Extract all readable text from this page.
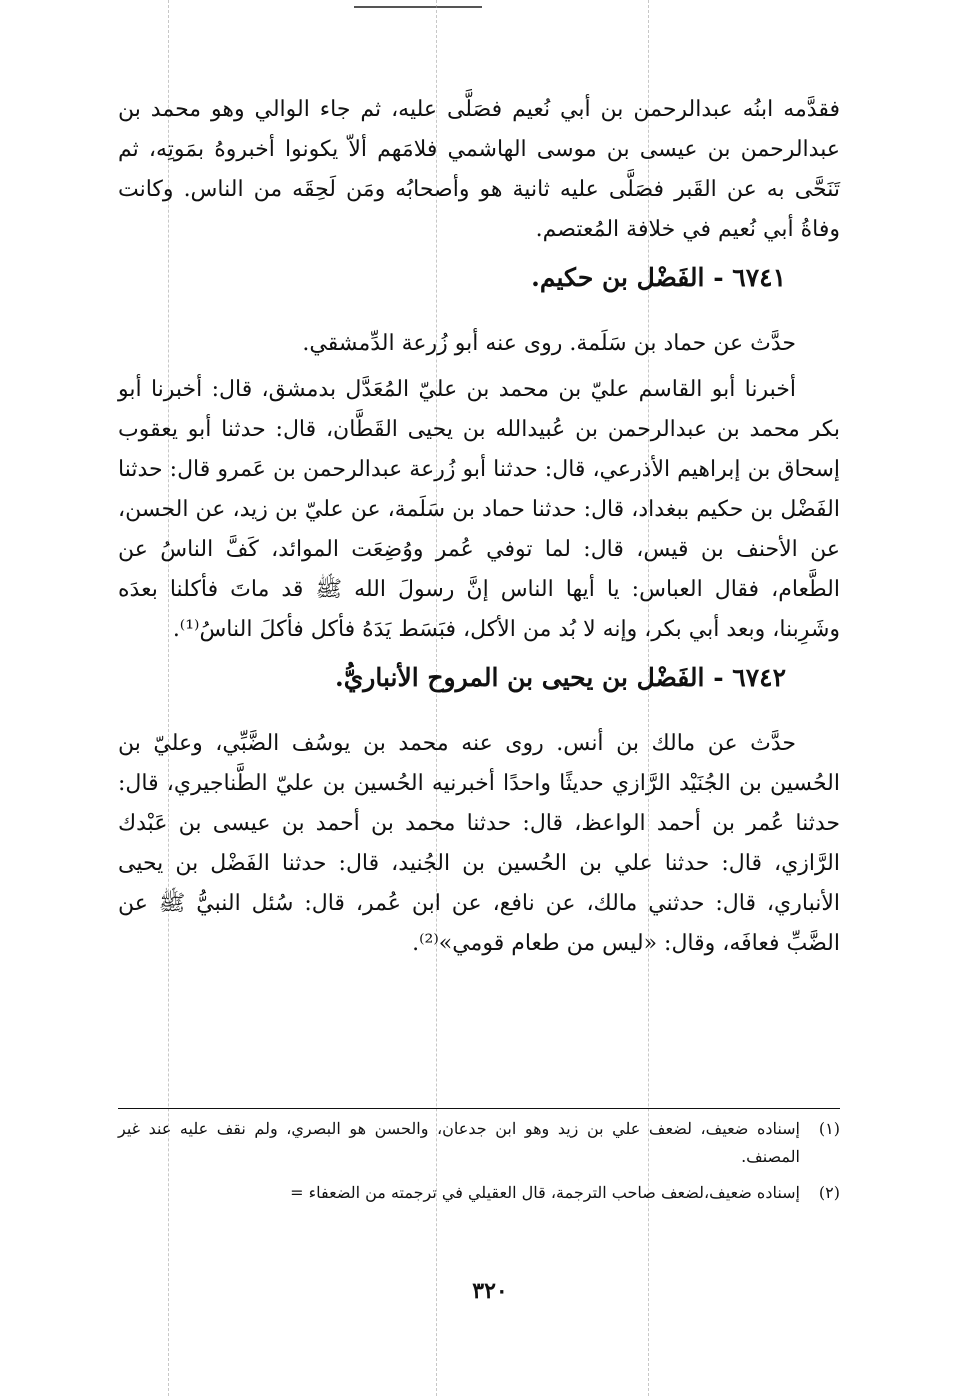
فقدَّمه ابنُه عبدالرحمن بن أبي نُعيم فصَلَّى عليه، ثم جاء الوالي وهو محمد بن عبدالرحمن بن عيسى بن موسى الهاشمي فلامَهم ألاّ يكونوا أخبروهُ بمَوتِه، ثم تَنَحَّى به عن القَبر فصَلَّى عليه ثانية هو وأصحابُه ومَن لَحِقَه من الناس. وكانت وفاةُ أبي نُعيم في خلافة المُعتصم.

٦٧٤١ - الفَضْل بن حكيم.

حدَّث عن حماد بن سَلَمة. روى عنه أبو زُرعة الدِّمشقي.

أخبرنا أبو القاسم عليّ بن محمد بن عليّ المُعَدَّل بدمشق، قال: أخبرنا أبو بكر محمد بن عبدالرحمن بن عُبيدالله بن يحيى القَطَّان، قال: حدثنا أبو يعقوب إسحاق بن إبراهيم الأذرعي، قال: حدثنا أبو زُرعة عبدالرحمن بن عَمرو قال: حدثنا الفَضْل بن حكيم ببغداد، قال: حدثنا حماد بن سَلَمة، عن عليّ بن زيد، عن الحسن، عن الأحنف بن قيس، قال: لما توفي عُمر ووُضِعَت الموائد، كَفَّ الناسُ عن الطَّعام، فقال العباس: يا أيها الناس إنَّ رسولَ الله ﷺ قد ماتَ فأكلنا بعدَه وشَرِبنا، وبعد أبي بكر، وإنه لا بُد من الأكل، فبَسَط يَدَهُ فأكل فأكلَ الناسُ⁽¹⁾.

٦٧٤٢ - الفَضْل بن يحيى بن المروح الأنباريُّ.

حدَّث عن مالك بن أنس. روى عنه محمد بن يوسُف الضَّبِّي، وعليّ بن الحُسين بن الجُنَيْد الرَّازي حديثًا واحدًا أخبرنيه الحُسين بن عليّ الطَّناجيري، قال: حدثنا عُمر بن أحمد الواعظ، قال: حدثنا محمد بن أحمد بن عيسى بن عَبْدك الرَّازي، قال: حدثنا علي بن الحُسين بن الجُنيد، قال: حدثنا الفَضْل بن يحيى الأنباري، قال: حدثني مالك، عن نافع، عن ابن عُمر، قال: سُئل النبيُّ ﷺ عن الضَّبِّ فعافَه، وقال: «ليس من طعام قومي»⁽²⁾.

(١)
إسناده ضعيف، لضعف علي بن زيد وهو ابن جدعان، والحسن هو البصري، ولم نقف عليه عند غير المصنف.
(٢)
إسناده ضعيف،لضعف صاحب الترجمة، قال العقيلي في ترجمته من الضعفاء =
٣٢٠
